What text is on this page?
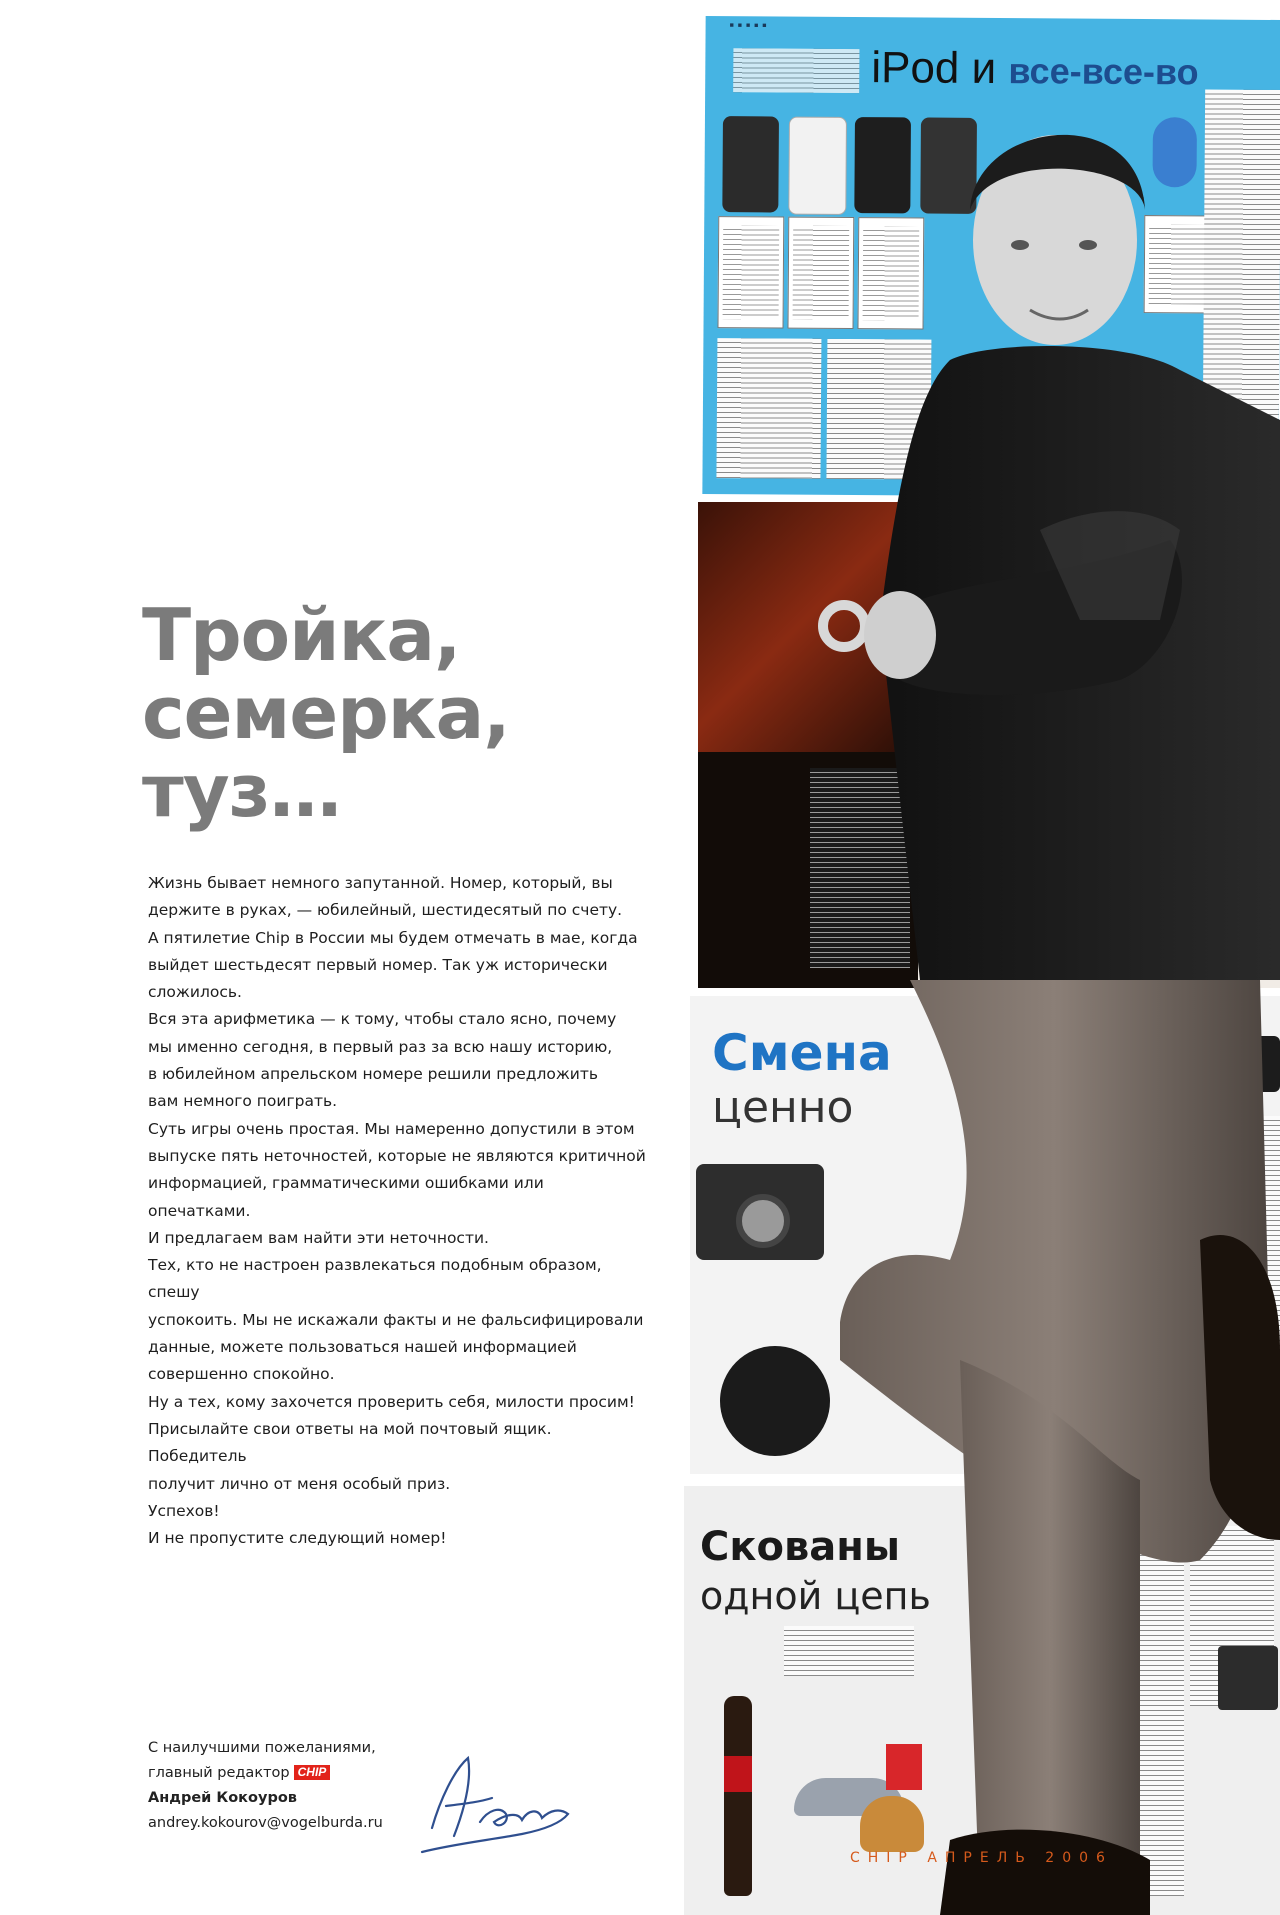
Тройка,
семерка,
туз…

Жизнь бывает немного запутанной. Номер, который, вы

держите в руках, — юбилейный, шестидесятый по счету.

А пятилетие Chip в России мы будем отмечать в мае, когда

выйдет шестьдесят первый номер. Так уж исторически

сложилось.

Вся эта арифметика — к тому, чтобы стало ясно, почему

мы именно сегодня, в первый раз за всю нашу историю,

в юбилейном апрельском номере решили предложить

вам немного поиграть.

Суть игры очень простая. Мы намеренно допустили в этом

выпуске пять неточностей, которые не являются критичной

информацией, грамматическими ошибками или опечатками.

И предлагаем вам найти эти неточности.

Тех, кто не настроен развлекаться подобным образом, спешу

успокоить. Мы не искажали факты и не фальсифицировали

данные, можете пользоваться нашей информацией

совершенно спокойно.

Ну а тех, кому захочется проверить себя, милости просим!

Присылайте свои ответы на мой почтовый ящик. Победитель

получит лично от меня особый приз.

Успехов!

И не пропустите следующий номер!

С наилучшими пожеланиями,
главный редактор CHIP
Андрей Кокоуров
andrey.kokourov@vogelburda.ru
■ ■ ■ ■ ■
iPod и все-все-во
Смена
ценно
Скованы
одной цепь
CHIP АПРЕЛЬ 2006
